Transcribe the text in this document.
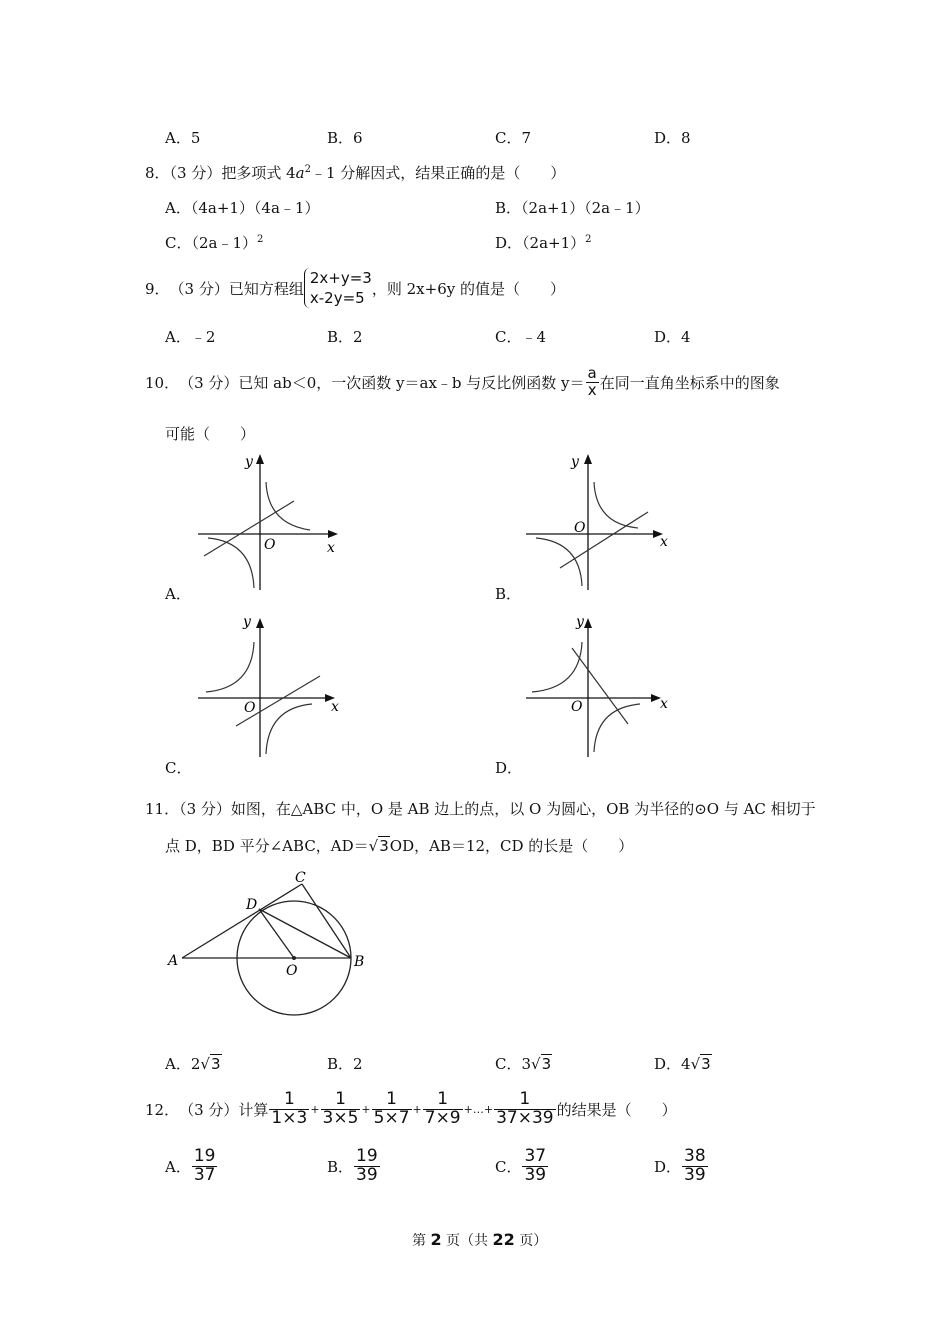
A．5	B．6	C．7	D．8
8．（3 分）把多项式 $4a^2﹣1$ 分解因式，结果正确的是（　　）
A．（4a+1）（4a﹣1）	B．（2a+1）（2a﹣1）
C．（2a﹣1）$^2$	D．$(2a+1)^2$
9． （3 分） 已知方程组
2x+y=3
x-2y=5
，则 2x+6y 的值是（　　）
A．﹣2	B．2	C．﹣4	D．4
10． （3 分） 已知 ab＜0，一次函数 y＝ax﹣b 与反比例函数 $y= \frac{a}{x}$ 在同一直角坐标系中的图象
可能（　　）
y
x
O
A．
y
x
O
B．
y
x
O
C．
y
x
O
D．
11．（3 分）如图，在△ABC 中，O 是 AB 边上的点，以 O 为圆心，OB 为半径的⊙O 与 AC 相切于
点 D，BD 平分∠ABC，AD＝√3OD，AB＝12，CD 的长是（　　）
A	B
C
D
O
A．2√3	B．2	C．3√3	D．4√3
12． （3 分） 计算 $\frac{1}{1\times 3} + \frac{1}{3\times 5} + \frac{1}{5\times 7} + \frac{1}{7\times 9}$ +…+ $\frac{1}{37\times 39}$ 的结果是（　　）
A． $\frac{19}{37}$	B． $\frac{19}{39}$	C． $\frac{37}{39}$	D． $\frac{38}{39}$
第 2 页（共 22 页）
